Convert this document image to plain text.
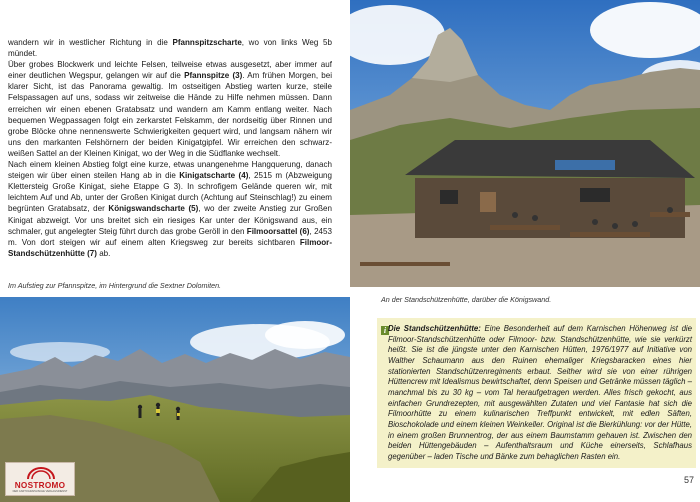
wandern wir in westlicher Richtung in die Pfannspitzscharte, wo von links Weg 5b mündet.
Über grobes Blockwerk und leichte Felsen, teilweise etwas ausgesetzt, aber immer auf einer deutlichen Wegspur, gelangen wir auf die Pfannspitze (3). Am frühen Morgen, bei klarer Sicht, ist das Panorama gewaltig. Im ostseitigen Abstieg warten kurze, steile Felspassagen auf uns, sodass wir zeitweise die Hände zu Hilfe nehmen müssen. Dann erreichen wir einen ebenen Gratabsatz und wandern am Kamm entlang weiter. Nach bequemen Wegpassagen folgt ein zerkarstet Felskamm, der nordseitig über Rinnen und grobe Blöcke ohne nennenswerte Schwierigkeiten gequert wird, und langsam nähern wir uns den markanten Felshörnern der beiden Kinigatgipfel. Wir erreichen den schwarz-weißen Sattel an der Kleinen Kinigat, wo der Weg in die Südflanke wechselt.
Nach einem kleinen Abstieg folgt eine kurze, etwas unangenehme Hangquerung, danach steigen wir über einen steilen Hang ab in die Kinigatscharte (4), 2515 m (Abzweigung Klettersteig Große Kinigat, siehe Etappe G 3). In schrofigem Gelände queren wir, mit leichtem Auf und Ab, unter der Großen Kinigat durch (Achtung auf Steinschlag!) zu einem begrünten Gratabsatz, der Königswandscharte (5), wo der zweite Anstieg zur Großen Kinigat abzweigt. Vor uns breitet sich ein riesiges Kar unter der Königswand aus, ein schmaler, gut angelegter Steig führt durch das grobe Geröll in den Filmoorsattel (6), 2453 m. Von dort steigen wir auf einem alten Kriegsweg zur bereits sichtbaren Filmoor-Standschützenhütte (7) ab.

Im Aufstieg zur Pfannspitze, im Hintergrund die Sextner Dolomiten.

NOSTROMO
DER CARTOGRAPHISCHE VERLAGSDIENST

An der Standschützenhütte, darüber die Königswand.

i Die Standschützenhütte: Eine Besonderheit auf dem Karnischen Höhenweg ist die Filmoor-Standschützenhütte oder Filmoor- bzw. Standschützenhütte, wie sie verkürzt heißt. Sie ist die jüngste unter den Karnischen Hütten, 1976/1977 auf Initiative von Walther Schaumann aus den Ruinen ehemaliger Kriegsbaracken eines hier stationierten Standschützenregiments erbaut. Seither wird sie von einer rührigen Hüttencrew mit Idealismus bewirtschaftet, denn Speisen und Getränke müssen täglich – manchmal bis zu 30 kg – vom Tal heraufgetragen werden. Alles frisch gekocht, aus einfachen Grundrezepten, mit ausgewählten Zutaten und viel Fantasie hat sich die Filmoorhütte zu einem kulinarischen Treffpunkt entwickelt, mit edlen Säften, Bioschokolade und einem kleinen Weinkeller. Original ist die Bierkühlung: vor der Hütte, in einem großen Brunnentrog, der aus einem Baumstamm gehauen ist. Zwischen den beiden Hüttengebäuden – Aufenthaltsraum und Küche einerseits, Schlafhaus gegenüber – laden Tische und Bänke zum behaglichen Rasten ein.

57
